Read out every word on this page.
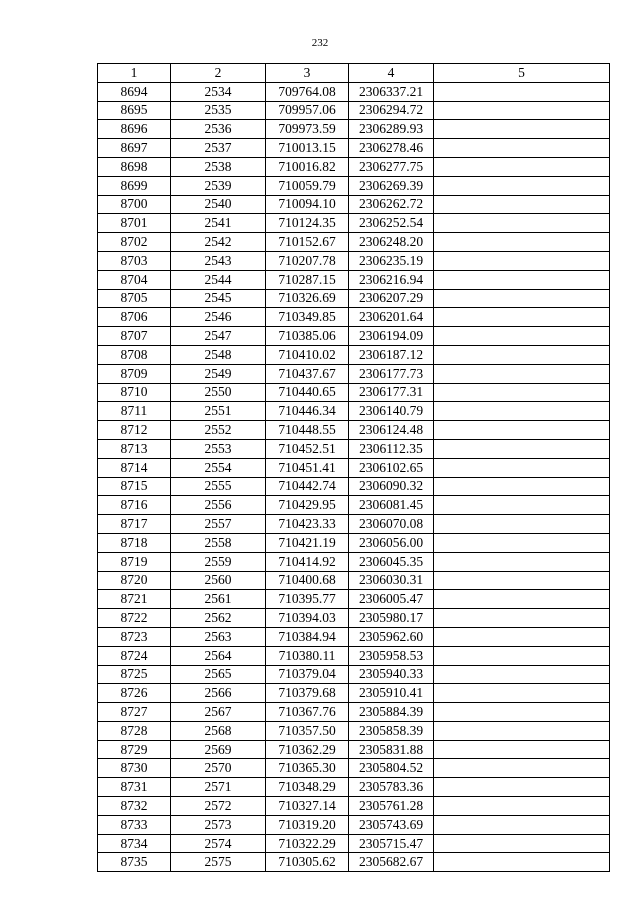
232
1	2	3	4	5
8694	2534	709764.08	2306337.21	
8695	2535	709957.06	2306294.72	
8696	2536	709973.59	2306289.93	
8697	2537	710013.15	2306278.46	
8698	2538	710016.82	2306277.75	
8699	2539	710059.79	2306269.39	
8700	2540	710094.10	2306262.72	
8701	2541	710124.35	2306252.54	
8702	2542	710152.67	2306248.20	
8703	2543	710207.78	2306235.19	
8704	2544	710287.15	2306216.94	
8705	2545	710326.69	2306207.29	
8706	2546	710349.85	2306201.64	
8707	2547	710385.06	2306194.09	
8708	2548	710410.02	2306187.12	
8709	2549	710437.67	2306177.73	
8710	2550	710440.65	2306177.31	
8711	2551	710446.34	2306140.79	
8712	2552	710448.55	2306124.48	
8713	2553	710452.51	2306112.35	
8714	2554	710451.41	2306102.65	
8715	2555	710442.74	2306090.32	
8716	2556	710429.95	2306081.45	
8717	2557	710423.33	2306070.08	
8718	2558	710421.19	2306056.00	
8719	2559	710414.92	2306045.35	
8720	2560	710400.68	2306030.31	
8721	2561	710395.77	2306005.47	
8722	2562	710394.03	2305980.17	
8723	2563	710384.94	2305962.60	
8724	2564	710380.11	2305958.53	
8725	2565	710379.04	2305940.33	
8726	2566	710379.68	2305910.41	
8727	2567	710367.76	2305884.39	
8728	2568	710357.50	2305858.39	
8729	2569	710362.29	2305831.88	
8730	2570	710365.30	2305804.52	
8731	2571	710348.29	2305783.36	
8732	2572	710327.14	2305761.28	
8733	2573	710319.20	2305743.69	
8734	2574	710322.29	2305715.47	
8735	2575	710305.62	2305682.67	
